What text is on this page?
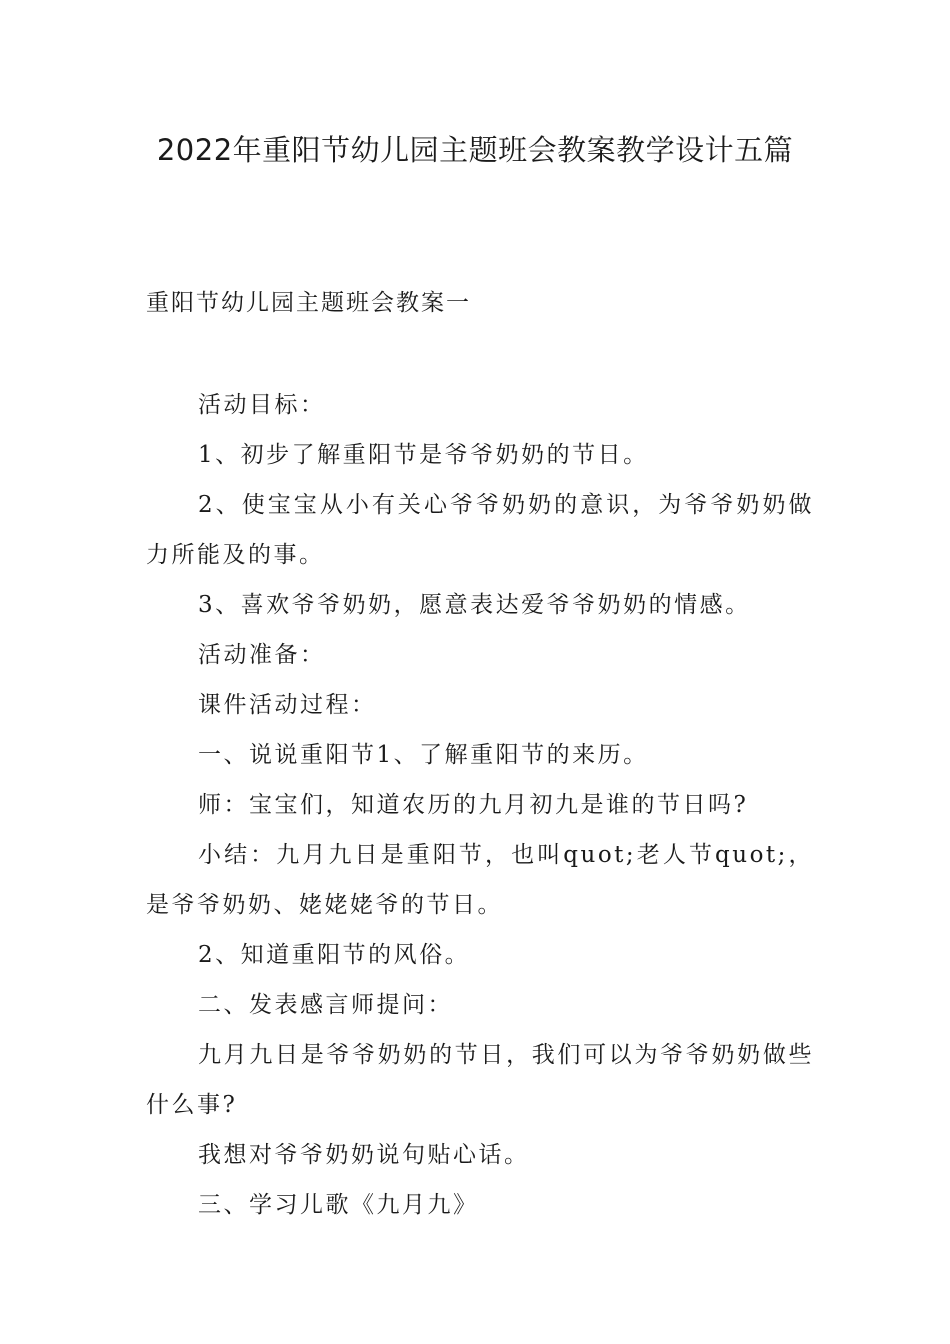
2022年重阳节幼儿园主题班会教案教学设计五篇
重阳节幼儿园主题班会教案一

活动目标：

1、初步了解重阳节是爷爷奶奶的节日。

2、使宝宝从小有关心爷爷奶奶的意识，为爷爷奶奶做力所能及的事。

3、喜欢爷爷奶奶，愿意表达爱爷爷奶奶的情感。

活动准备：

课件活动过程：

一、说说重阳节1、了解重阳节的来历。

师：宝宝们，知道农历的九月初九是谁的节日吗?

小结：九月九日是重阳节，也叫quot;老人节quot;，是爷爷奶奶、姥姥姥爷的节日。

2、知道重阳节的风俗。

二、发表感言师提问：

九月九日是爷爷奶奶的节日，我们可以为爷爷奶奶做些什么事?

我想对爷爷奶奶说句贴心话。

三、学习儿歌《九月九》
